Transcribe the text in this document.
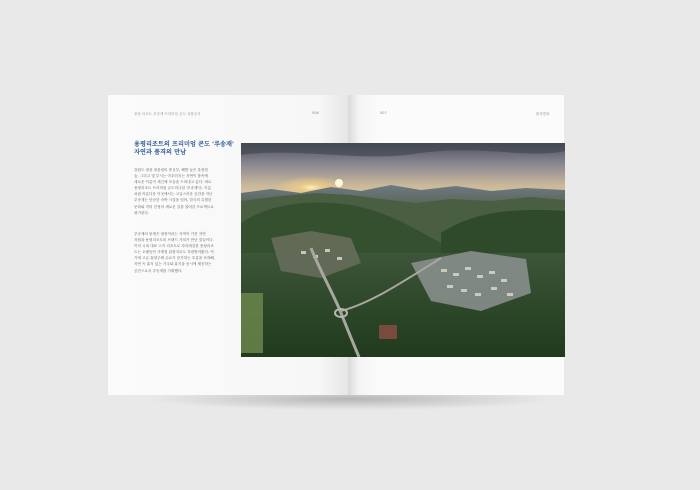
용평 리조트 루송재 프리미엄 콘도 상품공식	006
용평리조트의 프리미엄 콘도 '루송재'
자연과 품격의 만남
강원도 평창 대관령의 중심부, 해발 높은 울창한
숲, 그리고 빛 부시는 아우러지는 자연이 품속에
새로운 이름이 새긴채 모습을 드러내고 있다. 바로
용평리조트 프리미엄 콘도미니엄 '루송재'다. 이름
처럼 아름다운 이곳에서는 고급스러운 공간을 지닌
루송재는 단순한 숙박 시설을 넘어, 한국의 특별한
문화와 격의 진정의 새로운 길을 열어갈 프로젝트로
평가된다.
루송재의 탄생은 평창이라는 지역이 가진 자연
자원과 용평리조트의 브랜드 가치가 만난 결실이다.
이미 국내 대표 스키 리조트로 자리매김한 용평리조
트는 오랫동안 사계절 관광지로도 각광받아왔다. 여
기에 고급 휴양주택 수요가 증가하는 흐름을 포착해,
자연 속 휴식 있는 가주와 휴식을 동시에 제공하는
공간으로서 루송재를 기획했다.
007	환경변화
